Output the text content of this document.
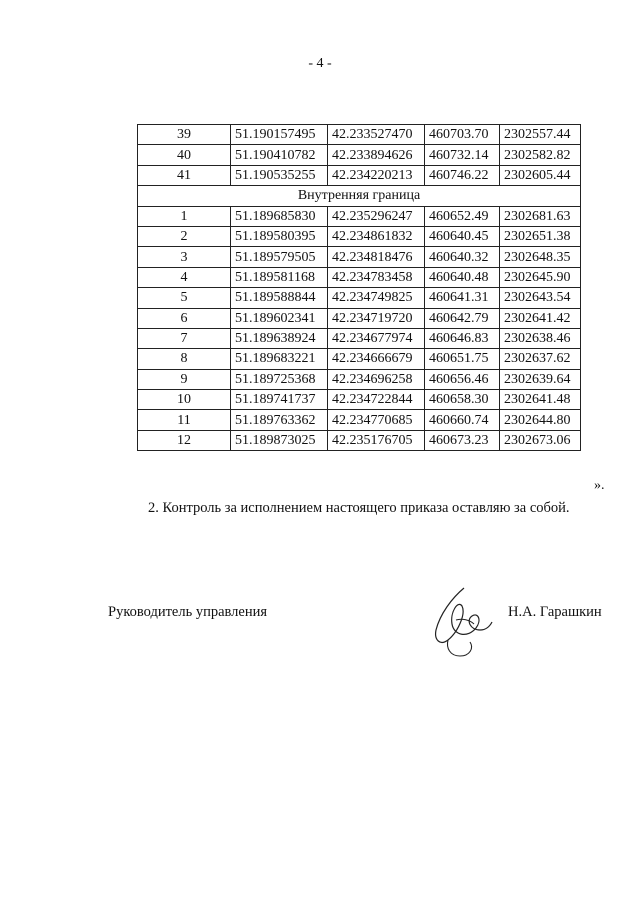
- 4 -
39	51.190157495	42.233527470	460703.70	2302557.44
40	51.190410782	42.233894626	460732.14	2302582.82
41	51.190535255	42.234220213	460746.22	2302605.44
Внутренняя граница				
1	51.189685830	42.235296247	460652.49	2302681.63
2	51.189580395	42.234861832	460640.45	2302651.38
3	51.189579505	42.234818476	460640.32	2302648.35
4	51.189581168	42.234783458	460640.48	2302645.90
5	51.189588844	42.234749825	460641.31	2302643.54
6	51.189602341	42.234719720	460642.79	2302641.42
7	51.189638924	42.234677974	460646.83	2302638.46
8	51.189683221	42.234666679	460651.75	2302637.62
9	51.189725368	42.234696258	460656.46	2302639.64
10	51.189741737	42.234722844	460658.30	2302641.48
11	51.189763362	42.234770685	460660.74	2302644.80
12	51.189873025	42.235176705	460673.23	2302673.06
».
2. Контроль за исполнением настоящего приказа оставляю за собой.
Руководитель управления	Н.А. Гарашкин
